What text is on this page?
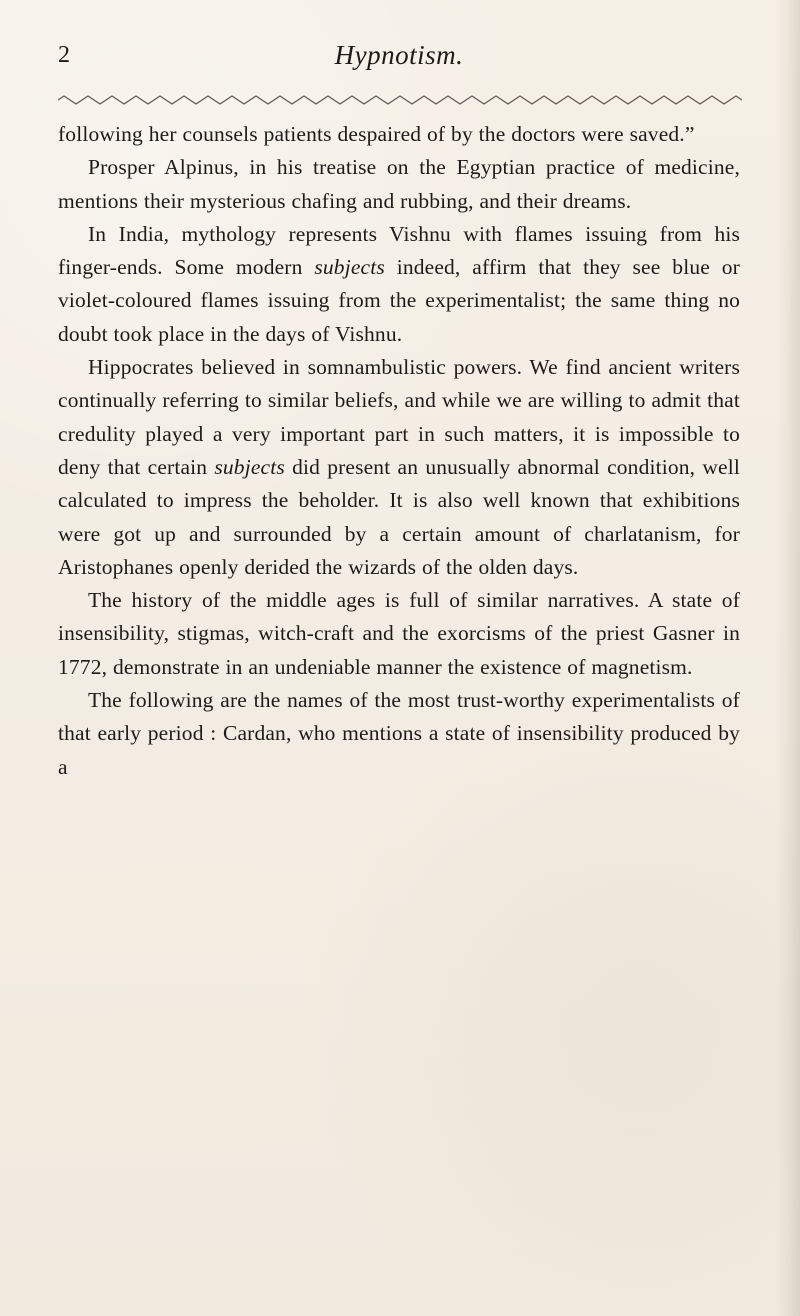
2	Hypnotism.

following her counsels patients despaired of by the doctors were saved.”

Prosper Alpinus, in his treatise on the Egyptian practice of medicine, mentions their mysterious chafing and rubbing, and their dreams.

In India, mythology represents Vishnu with flames issuing from his finger-ends. Some modern subjects indeed, affirm that they see blue or violet-coloured flames issuing from the experimentalist; the same thing no doubt took place in the days of Vishnu.

Hippocrates believed in somnambulistic powers. We find ancient writers continually referring to similar beliefs, and while we are willing to admit that credulity played a very important part in such matters, it is impossible to deny that certain subjects did present an unusually abnormal condition, well calculated to impress the beholder. It is also well known that exhibitions were got up and surrounded by a certain amount of charlatanism, for Aristophanes openly derided the wizards of the olden days.

The history of the middle ages is full of similar narratives. A state of insensibility, stigmas, witch-craft and the exorcisms of the priest Gasner in 1772, demonstrate in an undeniable manner the existence of magnetism.

The following are the names of the most trust-worthy experimentalists of that early period : Cardan, who mentions a state of insensibility produced by a
